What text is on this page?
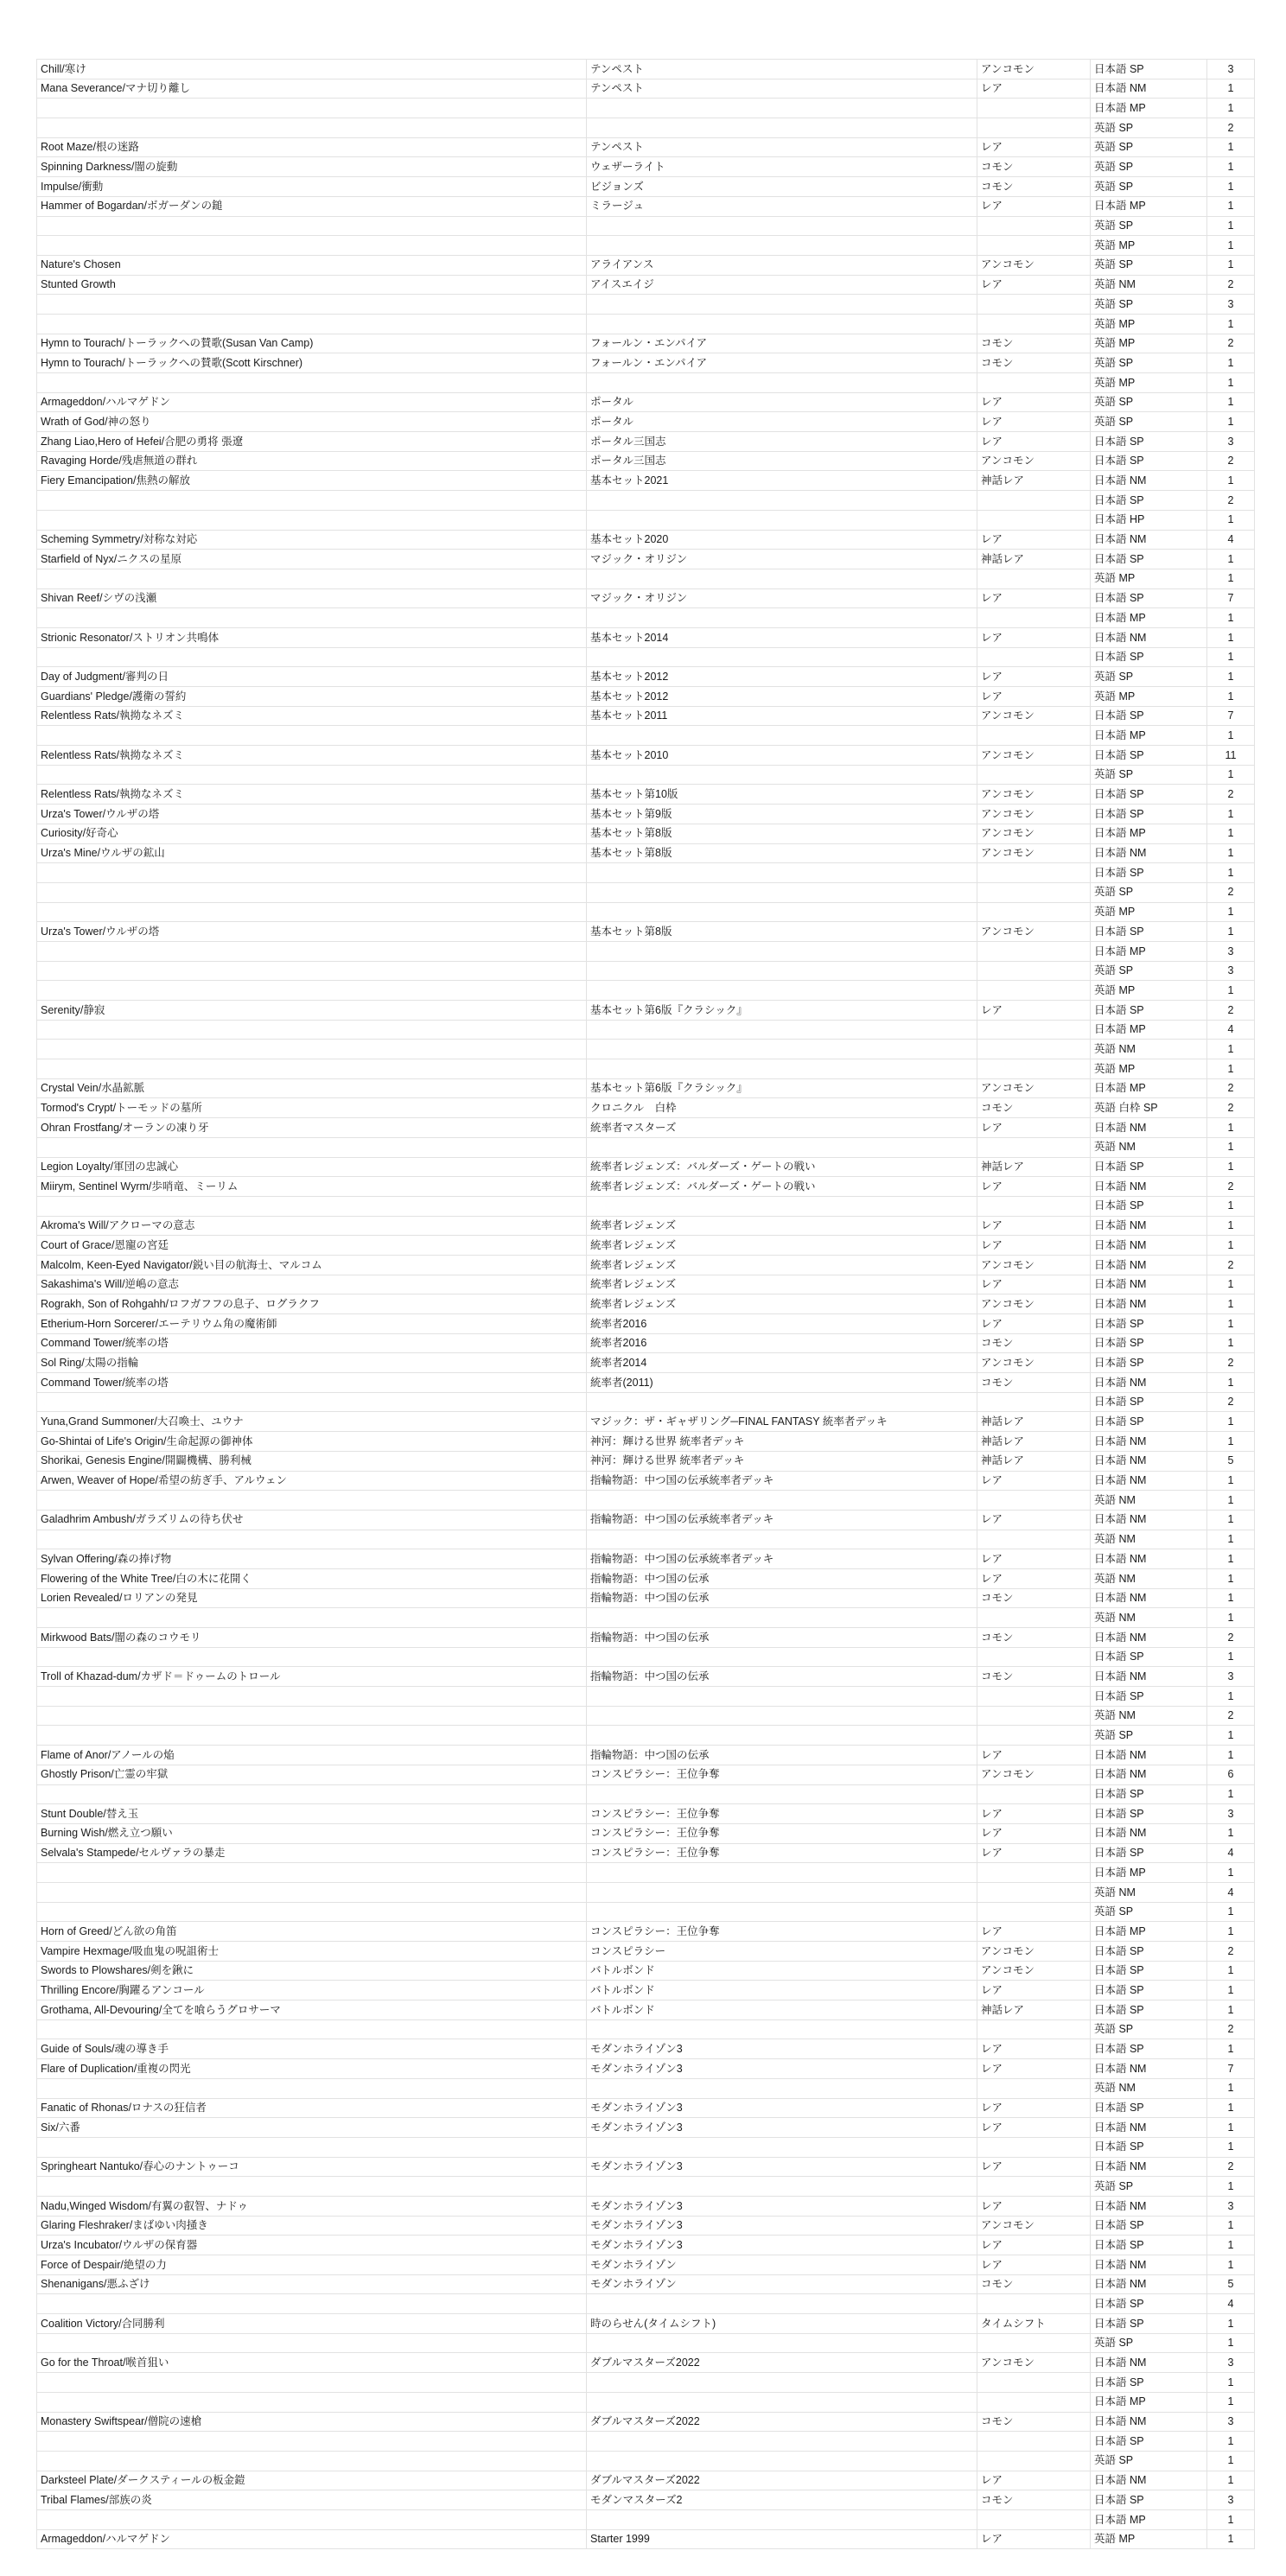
Chill/寒け	テンペスト	アンコモン	日本語 SP	3
Mana Severance/マナ切り離し	テンペスト	レア	日本語 NM	1
			日本語 MP	1
			英語 SP	2
Root Maze/根の迷路	テンペスト	レア	英語 SP	1
Spinning Darkness/闇の旋動	ウェザーライト	コモン	英語 SP	1
Impulse/衝動	ビジョンズ	コモン	英語 SP	1
Hammer of Bogardan/ボガーダンの鎚	ミラージュ	レア	日本語 MP	1
			英語 SP	1
			英語 MP	1
Nature's Chosen	アライアンス	アンコモン	英語 SP	1
Stunted Growth	アイスエイジ	レア	英語 NM	2
			英語 SP	3
			英語 MP	1
Hymn to Tourach/トーラックへの賛歌(Susan Van Camp)	フォールン・エンパイア	コモン	英語 MP	2
Hymn to Tourach/トーラックへの賛歌(Scott Kirschner)	フォールン・エンパイア	コモン	英語 SP	1
			英語 MP	1
Armageddon/ハルマゲドン	ポータル	レア	英語 SP	1
Wrath of God/神の怒り	ポータル	レア	英語 SP	1
Zhang Liao,Hero of Hefei/合肥の勇将 張遼	ポータル三国志	レア	日本語 SP	3
Ravaging Horde/残虐無道の群れ	ポータル三国志	アンコモン	日本語 SP	2
Fiery Emancipation/焦熱の解放	基本セット2021	神話レア	日本語 NM	1
			日本語 SP	2
			日本語 HP	1
Scheming Symmetry/対称な対応	基本セット2020	レア	日本語 NM	4
Starfield of Nyx/ニクスの星原	マジック・オリジン	神話レア	日本語 SP	1
			英語 MP	1
Shivan Reef/シヴの浅瀬	マジック・オリジン	レア	日本語 SP	7
			日本語 MP	1
Strionic Resonator/ストリオン共鳴体	基本セット2014	レア	日本語 NM	1
			日本語 SP	1
Day of Judgment/審判の日	基本セット2012	レア	英語 SP	1
Guardians' Pledge/護衛の誓約	基本セット2012	レア	英語 MP	1
Relentless Rats/執拗なネズミ	基本セット2011	アンコモン	日本語 SP	7
			日本語 MP	1
Relentless Rats/執拗なネズミ	基本セット2010	アンコモン	日本語 SP	11
			英語 SP	1
Relentless Rats/執拗なネズミ	基本セット第10版	アンコモン	日本語 SP	2
Urza's Tower/ウルザの塔	基本セット第9版	アンコモン	日本語 SP	1
Curiosity/好奇心	基本セット第8版	アンコモン	日本語 MP	1
Urza's Mine/ウルザの鉱山	基本セット第8版	アンコモン	日本語 NM	1
			日本語 SP	1
			英語 SP	2
			英語 MP	1
Urza's Tower/ウルザの塔	基本セット第8版	アンコモン	日本語 SP	1
			日本語 MP	3
			英語 SP	3
			英語 MP	1
Serenity/静寂	基本セット第6版『クラシック』	レア	日本語 SP	2
			日本語 MP	4
			英語 NM	1
			英語 MP	1
Crystal Vein/水晶鉱脈	基本セット第6版『クラシック』	アンコモン	日本語 MP	2
Tormod's Crypt/トーモッドの墓所	クロニクル　白枠	コモン	英語 白枠 SP	2
Ohran Frostfang/オーランの凍り牙	統率者マスターズ	レア	日本語 NM	1
			英語 NM	1
Legion Loyalty/軍団の忠誠心	統率者レジェンズ：バルダーズ・ゲートの戦い	神話レア	日本語 SP	1
Miirym, Sentinel Wyrm/歩哨竜、ミーリム	統率者レジェンズ：バルダーズ・ゲートの戦い	レア	日本語 NM	2
			日本語 SP	1
Akroma's Will/アクローマの意志	統率者レジェンズ	レア	日本語 NM	1
Court of Grace/恩寵の宮廷	統率者レジェンズ	レア	日本語 NM	1
Malcolm, Keen-Eyed Navigator/鋭い目の航海士、マルコム	統率者レジェンズ	アンコモン	日本語 NM	2
Sakashima's Will/逆嶋の意志	統率者レジェンズ	レア	日本語 NM	1
Rograkh, Son of Rohgahh/ロフガフフの息子、ログラクフ	統率者レジェンズ	アンコモン	日本語 NM	1
Etherium-Horn Sorcerer/エーテリウム角の魔術師	統率者2016	レア	日本語 SP	1
Command Tower/統率の塔	統率者2016	コモン	日本語 SP	1
Sol Ring/太陽の指輪	統率者2014	アンコモン	日本語 SP	2
Command Tower/統率の塔	統率者(2011)	コモン	日本語 NM	1
			日本語 SP	2
Yuna,Grand Summoner/大召喚士、ユウナ	マジック：ザ・ギャザリング─FINAL FANTASY 統率者デッキ	神話レア	日本語 SP	1
Go-Shintai of Life's Origin/生命起源の御神体	神河：輝ける世界 統率者デッキ	神話レア	日本語 NM	1
Shorikai, Genesis Engine/開闢機構、勝利械	神河：輝ける世界 統率者デッキ	神話レア	日本語 NM	5
Arwen, Weaver of Hope/希望の紡ぎ手、アルウェン	指輪物語：中つ国の伝承統率者デッキ	レア	日本語 NM	1
			英語 NM	1
Galadhrim Ambush/ガラズリムの待ち伏せ	指輪物語：中つ国の伝承統率者デッキ	レア	日本語 NM	1
			英語 NM	1
Sylvan Offering/森の捧げ物	指輪物語：中つ国の伝承統率者デッキ	レア	日本語 NM	1
Flowering of the White Tree/白の木に花開く	指輪物語：中つ国の伝承	レア	英語 NM	1
Lorien Revealed/ロリアンの発見	指輪物語：中つ国の伝承	コモン	日本語 NM	1
			英語 NM	1
Mirkwood Bats/闇の森のコウモリ	指輪物語：中つ国の伝承	コモン	日本語 NM	2
			日本語 SP	1
Troll of Khazad-dum/カザド＝ドゥームのトロール	指輪物語：中つ国の伝承	コモン	日本語 NM	3
			日本語 SP	1
			英語 NM	2
			英語 SP	1
Flame of Anor/アノールの焔	指輪物語：中つ国の伝承	レア	日本語 NM	1
Ghostly Prison/亡霊の牢獄	コンスピラシー：王位争奪	アンコモン	日本語 NM	6
			日本語 SP	1
Stunt Double/替え玉	コンスピラシー：王位争奪	レア	日本語 SP	3
Burning Wish/燃え立つ願い	コンスピラシー：王位争奪	レア	日本語 NM	1
Selvala's Stampede/セルヴァラの暴走	コンスピラシー：王位争奪	レア	日本語 SP	4
			日本語 MP	1
			英語 NM	4
			英語 SP	1
Horn of Greed/どん欲の角笛	コンスピラシー：王位争奪	レア	日本語 MP	1
Vampire Hexmage/吸血鬼の呪詛術士	コンスピラシー	アンコモン	日本語 SP	2
Swords to Plowshares/剣を鍬に	バトルボンド	アンコモン	日本語 SP	1
Thrilling Encore/胸躍るアンコール	バトルボンド	レア	日本語 SP	1
Grothama, All-Devouring/全てを喰らうグロサーマ	バトルボンド	神話レア	日本語 SP	1
			英語 SP	2
Guide of Souls/魂の導き手	モダンホライゾン3	レア	日本語 SP	1
Flare of Duplication/重複の閃光	モダンホライゾン3	レア	日本語 NM	7
			英語 NM	1
Fanatic of Rhonas/ロナスの狂信者	モダンホライゾン3	レア	日本語 SP	1
Six/六番	モダンホライゾン3	レア	日本語 NM	1
			日本語 SP	1
Springheart Nantuko/春心のナントゥーコ	モダンホライゾン3	レア	日本語 NM	2
			英語 SP	1
Nadu,Winged Wisdom/有翼の叡智、ナドゥ	モダンホライゾン3	レア	日本語 NM	3
Glaring Fleshraker/まばゆい肉掻き	モダンホライゾン3	アンコモン	日本語 SP	1
Urza's Incubator/ウルザの保育器	モダンホライゾン3	レア	日本語 SP	1
Force of Despair/絶望の力	モダンホライゾン	レア	日本語 NM	1
Shenanigans/悪ふざけ	モダンホライゾン	コモン	日本語 NM	5
			日本語 SP	4
Coalition Victory/合同勝利	時のらせん(タイムシフト)	タイムシフト	日本語 SP	1
			英語 SP	1
Go for the Throat/喉首狙い	ダブルマスターズ2022	アンコモン	日本語 NM	3
			日本語 SP	1
			日本語 MP	1
Monastery Swiftspear/僧院の速槍	ダブルマスターズ2022	コモン	日本語 NM	3
			日本語 SP	1
			英語 SP	1
Darksteel Plate/ダークスティールの板金鎧	ダブルマスターズ2022	レア	日本語 NM	1
Tribal Flames/部族の炎	モダンマスターズ2	コモン	日本語 SP	3
			日本語 MP	1
Armageddon/ハルマゲドン	Starter 1999	レア	英語 MP	1
